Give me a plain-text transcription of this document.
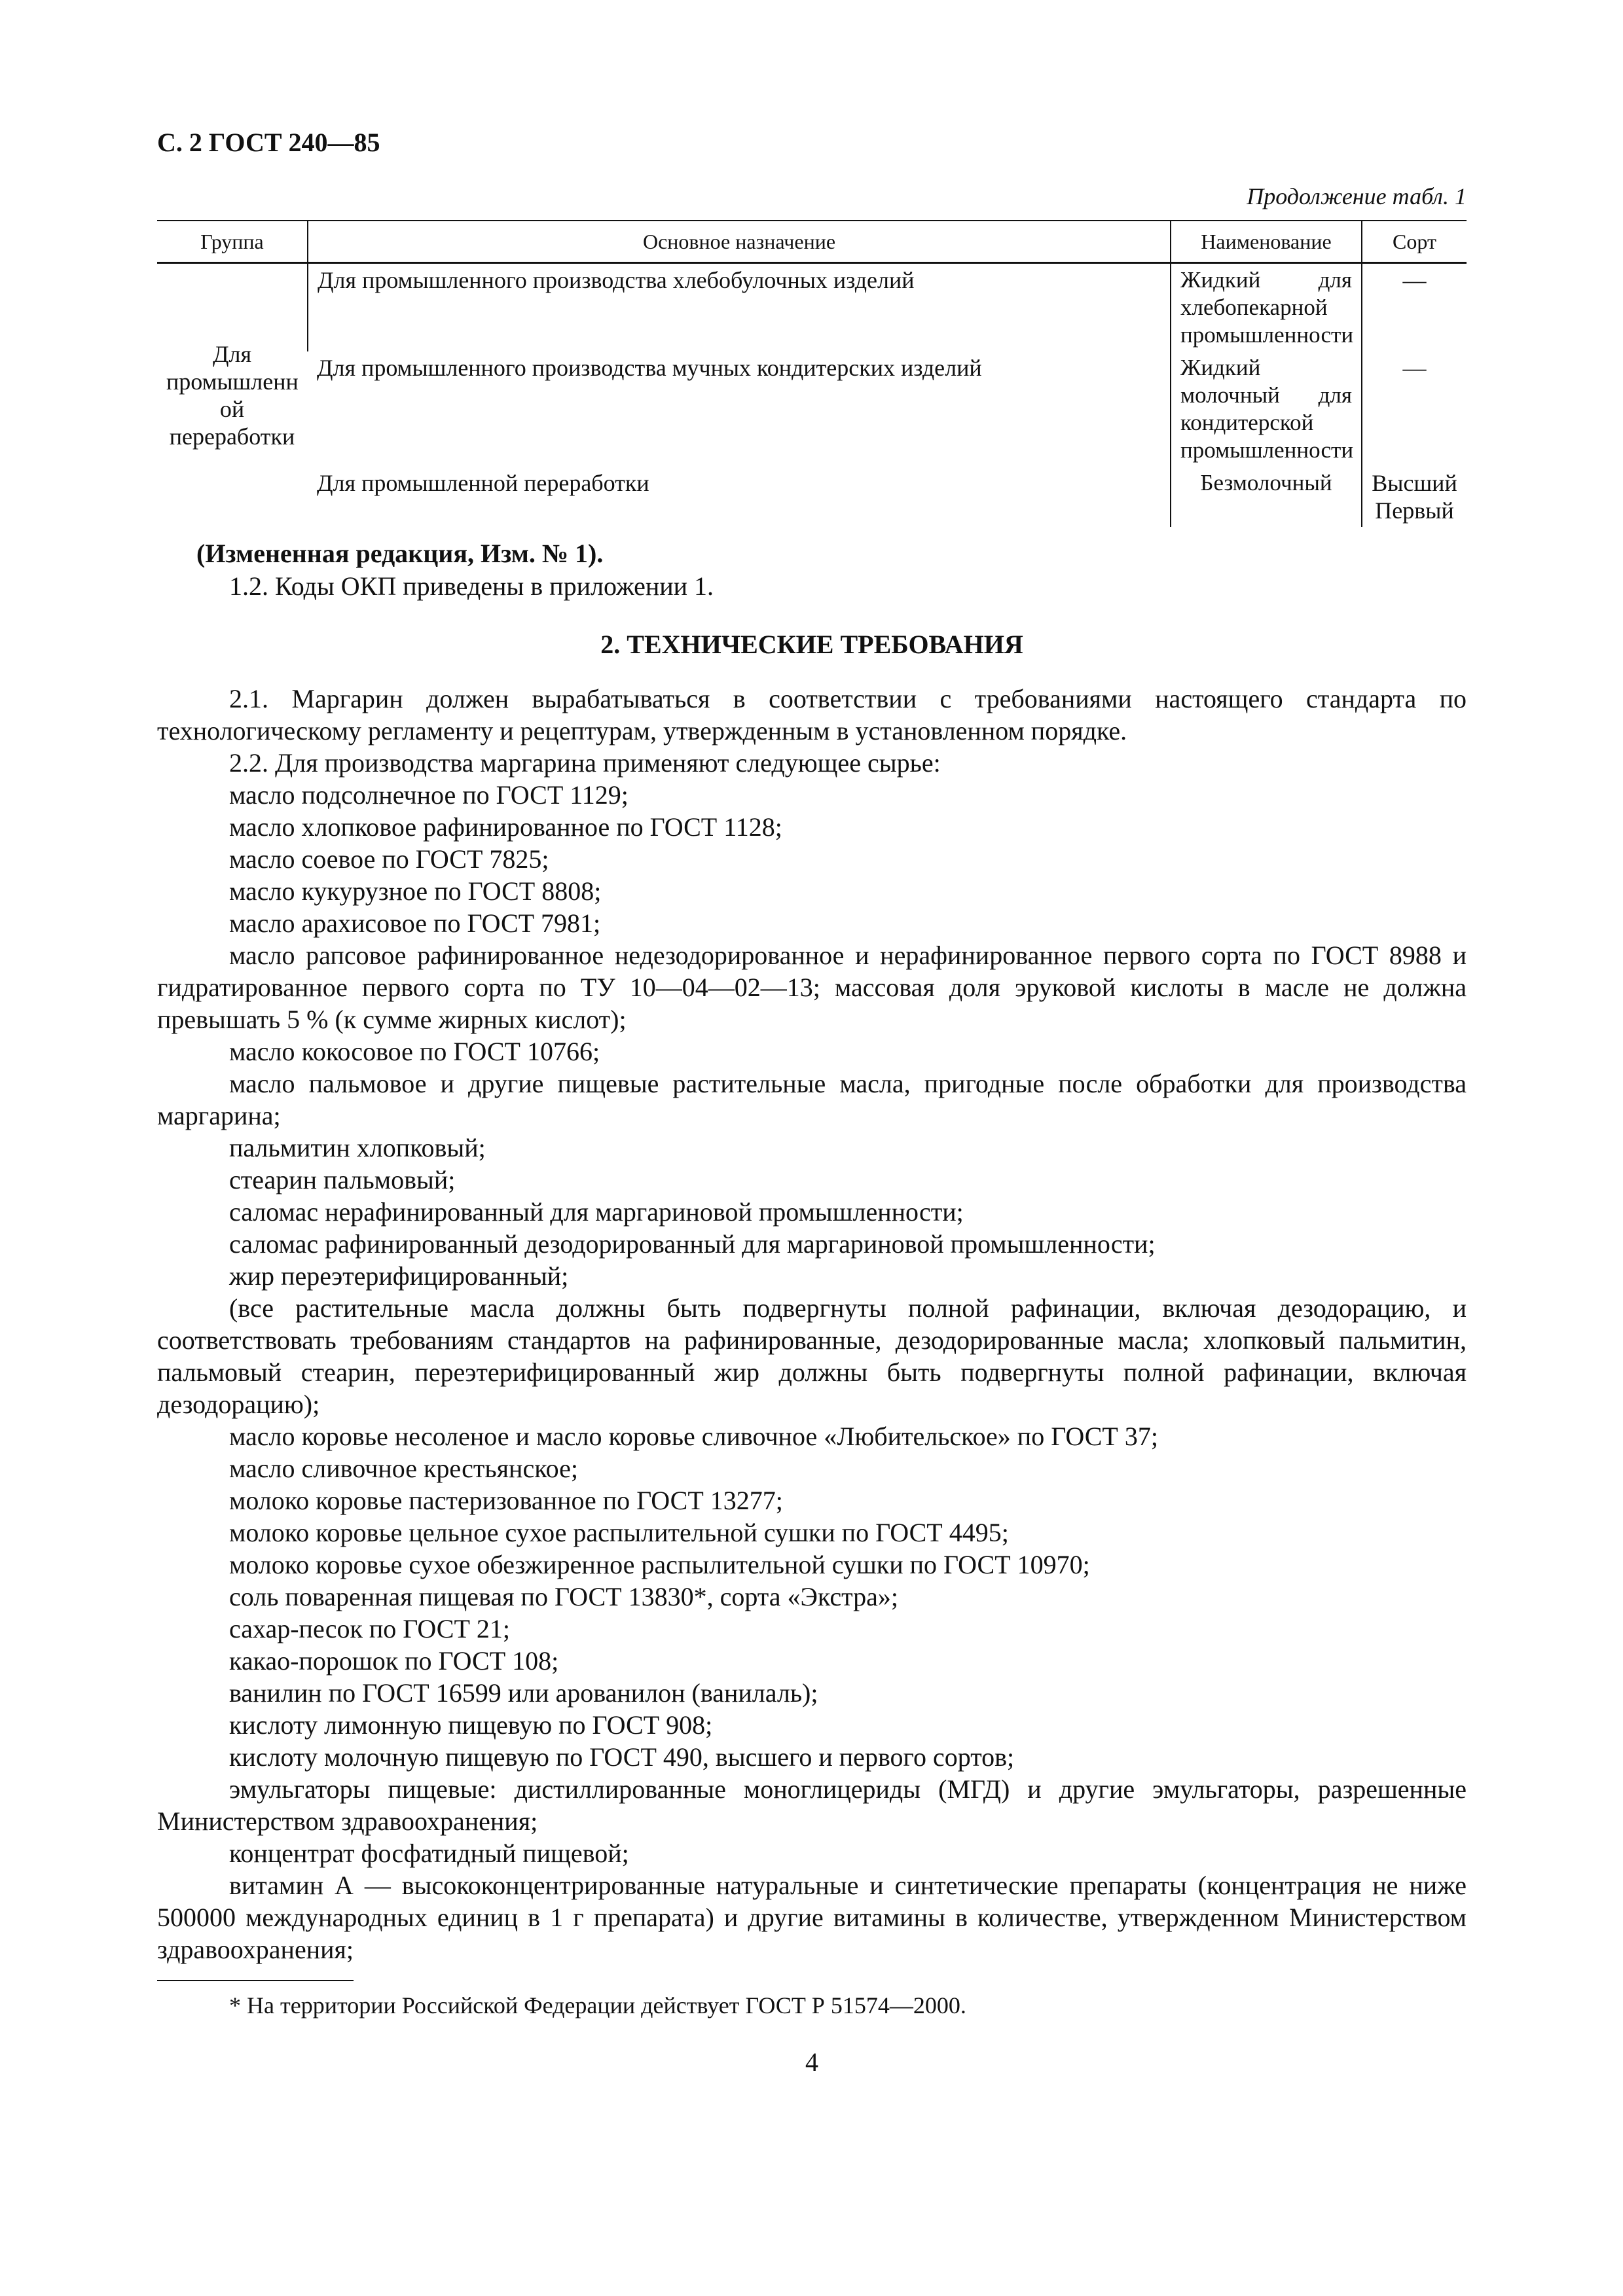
С. 2 ГОСТ 240—85
Продолжение табл. 1
Группа	Основное назначение	Наименование	Сорт
Для промышленн ой переработки	Для промышленного производства хлебобулочных изделий	Жидкий для хлебопекарной промышленности	—
	Для промышленного производства мучных кондитерских изделий	Жидкий молочный для кондитерской промышленности	—
	Для промышленной переработки	Безмолочный	Высший
Первый
(Измененная редакция, Изм. № 1).
1.2. Коды ОКП приведены в приложении 1.
2. ТЕХНИЧЕСКИЕ ТРЕБОВАНИЯ

2.1. Маргарин должен вырабатываться в соответствии с требованиями настоящего стандарта по технологическому регламенту и рецептурам, утвержденным в установленном порядке.

2.2. Для производства маргарина применяют следующее сырье:

масло подсолнечное по ГОСТ 1129;

масло хлопковое рафинированное по ГОСТ 1128;

масло соевое по ГОСТ 7825;

масло кукурузное по ГОСТ 8808;

масло арахисовое по ГОСТ 7981;

масло рапсовое рафинированное недезодорированное и нерафинированное первого сорта по ГОСТ 8988 и гидратированное первого сорта по ТУ 10—04—02—13; массовая доля эруковой кислоты в масле не должна превышать 5 % (к сумме жирных кислот);

масло кокосовое по ГОСТ 10766;

масло пальмовое и другие пищевые растительные масла, пригодные после обработки для производства маргарина;

пальмитин хлопковый;

стеарин пальмовый;

саломас нерафинированный для маргариновой промышленности;

саломас рафинированный дезодорированный для маргариновой промышленности;

жир переэтерифицированный;

(все растительные масла должны быть подвергнуты полной рафинации, включая дезодорацию, и соответствовать требованиям стандартов на рафинированные, дезодорированные масла; хлопковый пальмитин, пальмовый стеарин, переэтерифицированный жир должны быть подвергнуты полной рафинации, включая дезодорацию);

масло коровье несоленое и масло коровье сливочное «Любительское» по ГОСТ 37;

масло сливочное крестьянское;

молоко коровье пастеризованное по ГОСТ 13277;

молоко коровье цельное сухое распылительной сушки по ГОСТ 4495;

молоко коровье сухое обезжиренное распылительной сушки по ГОСТ 10970;

соль поваренная пищевая по ГОСТ 13830*, сорта «Экстра»;

сахар-песок по ГОСТ 21;

какао-порошок по ГОСТ 108;

ванилин по ГОСТ 16599 или арованилон (ванилаль);

кислоту лимонную пищевую по ГОСТ 908;

кислоту молочную пищевую по ГОСТ 490, высшего и первого сортов;

эмульгаторы пищевые: дистиллированные моноглицериды (МГД) и другие эмульгаторы, разрешенные Министерством здравоохранения;

концентрат фосфатидный пищевой;

витамин А — высококонцентрированные натуральные и синтетические препараты (концентрация не ниже 500000 международных единиц в 1 г препарата) и другие витамины в количестве, утвержденном Министерством здравоохранения;

* На территории Российской Федерации действует ГОСТ Р 51574—2000.

4
